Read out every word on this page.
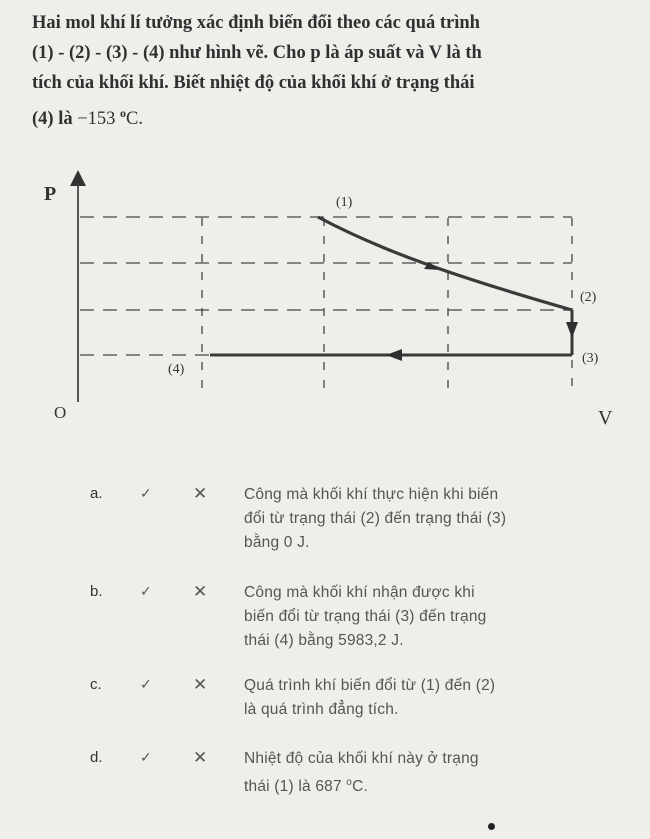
Hai mol khí lí tưởng xác định biến đổi theo các quá trình

(1) - (2) - (3) - (4) như hình vẽ. Cho p là áp suất và V là th

tích của khối khí. Biết nhiệt độ của khối khí ở trạng thái

(4) là −153 $^o$C.

P
O	V
(1)
(2)
(3)
(4)
a.	✓ ✕ Công mà khối khí thực hiện khi biến
đổi từ trạng thái (2) đến trạng thái (3)
bằng 0 J.
b.	✓ ✕ Công mà khối khí nhận được khi
biến đổi từ trạng thái (3) đến trạng
thái (4) bằng 5983,2 J.
c.	✓ ✕ Quá trình khí biến đổi từ (1) đến (2)
là quá trình đẳng tích.
d.	✓ ✕ Nhiệt độ của khối khí này ở trạng
thái (1) là 687 $^o$C.
